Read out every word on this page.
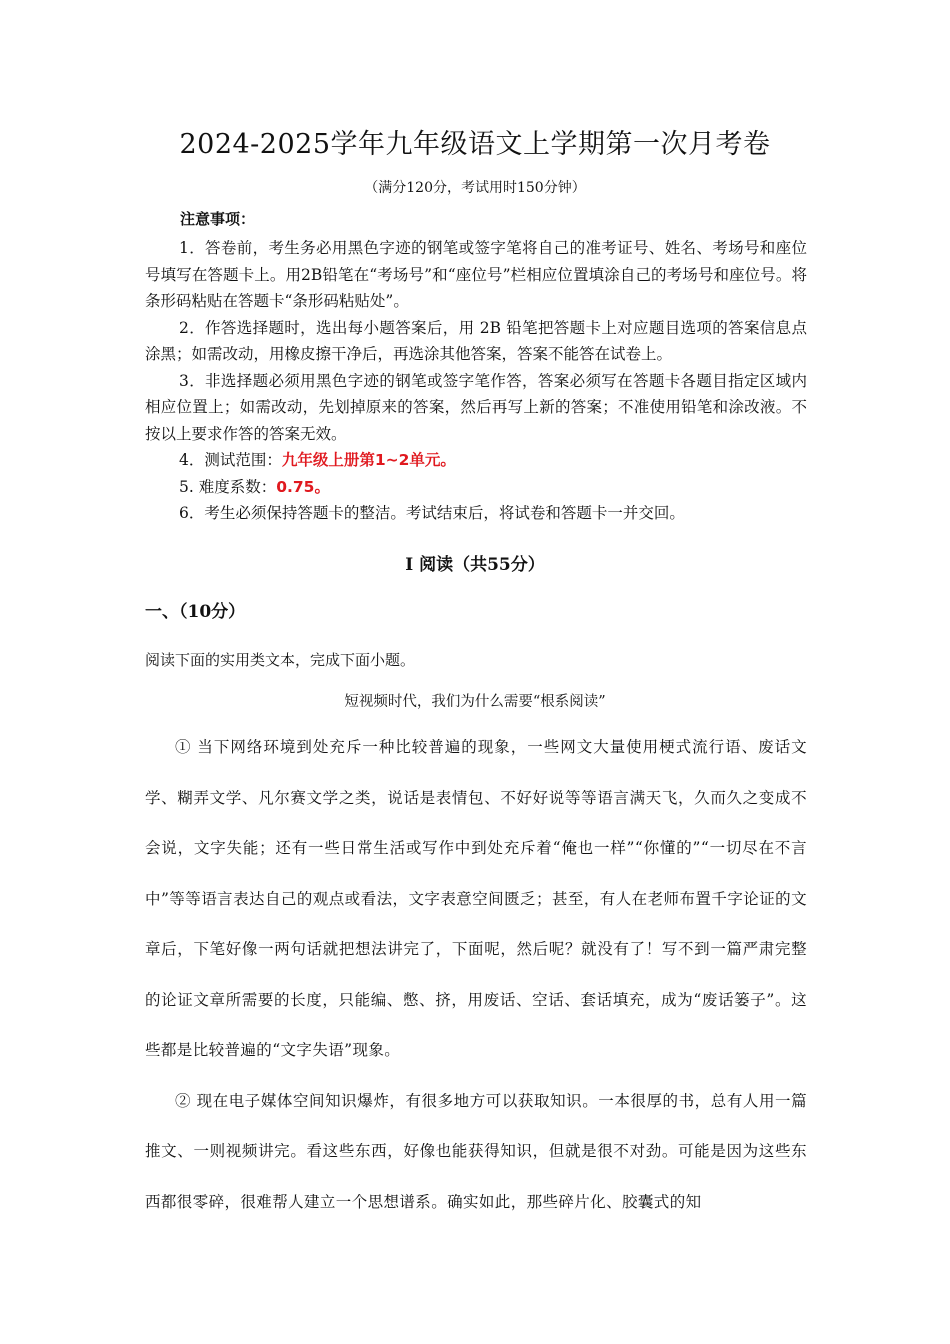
2024-2025学年九年级语文上学期第一次月考卷
（满分120分，考试用时150分钟）
注意事项：

1．答卷前，考生务必用黑色字迹的钢笔或签字笔将自己的准考证号、姓名、考场号和座位号填写在答题卡上。用2B铅笔在“考场号”和“座位号”栏相应位置填涂自己的考场号和座位号。将条形码粘贴在答题卡“条形码粘贴处”。

2．作答选择题时，选出每小题答案后，用 2B 铅笔把答题卡上对应题目选项的答案信息点涂黑；如需改动，用橡皮擦干净后，再选涂其他答案，答案不能答在试卷上。

3．非选择题必须用黑色字迹的钢笔或签字笔作答，答案必须写在答题卡各题目指定区域内相应位置上；如需改动，先划掉原来的答案，然后再写上新的答案；不准使用铅笔和涂改液。不按以上要求作答的答案无效。

4．测试范围：九年级上册第1~2单元。

5. 难度系数：0.75。

6．考生必须保持答题卡的整洁。考试结束后，将试卷和答题卡一并交回。

Ⅰ 阅读（共55分）
一、（10分）
阅读下面的实用类文本，完成下面小题。
短视频时代，我们为什么需要“根系阅读”

① 当下网络环境到处充斥一种比较普遍的现象，一些网文大量使用梗式流行语、废话文学、糊弄文学、凡尔赛文学之类，说话是表情包、不好好说等等语言满天飞，久而久之变成不会说，文字失能；还有一些日常生活或写作中到处充斥着“俺也一样”“你懂的”“一切尽在不言中”等等语言表达自己的观点或看法，文字表意空间匮乏；甚至，有人在老师布置千字论证的文章后，下笔好像一两句话就把想法讲完了，下面呢，然后呢？就没有了！写不到一篇严肃完整的论证文章所需要的长度，只能编、憋、挤，用废话、空话、套话填充，成为“废话篓子”。这些都是比较普遍的“文字失语”现象。

② 现在电子媒体空间知识爆炸，有很多地方可以获取知识。一本很厚的书，总有人用一篇推文、一则视频讲完。看这些东西，好像也能获得知识，但就是很不对劲。可能是因为这些东西都很零碎，很难帮人建立一个思想谱系。确实如此，那些碎片化、胶囊式的知
